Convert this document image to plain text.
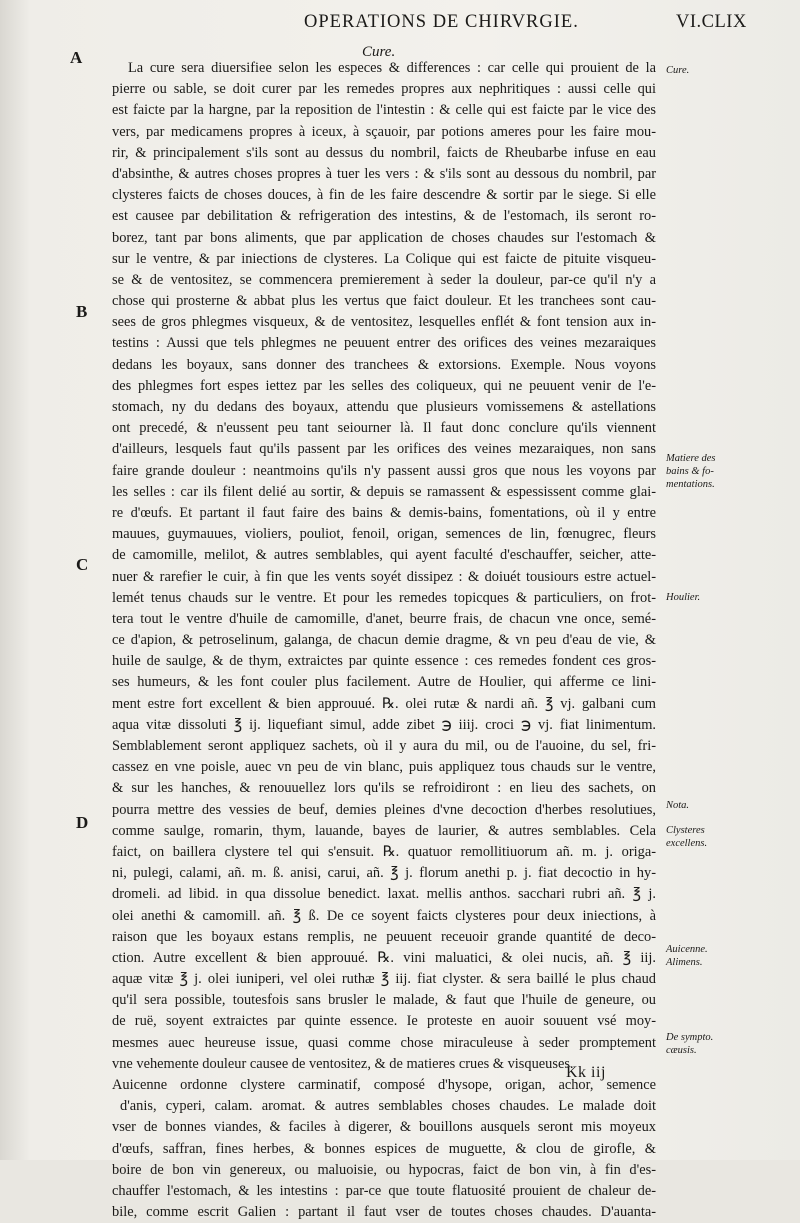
OPERATIONS DE CHIRVRGIE.	VI.CLIX
A
B
C
D
Cure.
La cure sera diuersifiee selon les especes & differences : car celle qui prouient de la
pierre ou sable, se doit curer par les remedes propres aux nephritiques : aussi celle qui
est faicte par la hargne, par la reposition de l'intestin : & celle qui est faicte par le vice des
vers, par medicamens propres à iceux, à sçauoir, par potions ameres pour les faire mou-
rir, & principalement s'ils sont au dessus du nombril, faicts de Rheubarbe infuse en eau
d'absinthe, & autres choses propres à tuer les vers : & s'ils sont au dessous du nombril, par
clysteres faicts de choses douces, à fin de les faire descendre & sortir par le siege. Si elle
est causee par debilitation & refrigeration des intestins, & de l'estomach, ils seront ro-
borez, tant par bons aliments, que par application de choses chaudes sur l'estomach &
sur le ventre, & par iniections de clysteres. La Colique qui est faicte de pituite visqueu-
se & de ventositez, se commencera premierement à seder la douleur, par-ce qu'il n'y a
chose qui prosterne & abbat plus les vertus que faict douleur. Et les tranchees sont cau-
sees de gros phlegmes visqueux, & de ventositez, lesquelles enflét & font tension aux in-
testins : Aussi que tels phlegmes ne peuuent entrer des orifices des veines mezaraiques
dedans les boyaux, sans donner des tranchees & extorsions. Exemple. Nous voyons
des phlegmes fort espes iettez par les selles des coliqueux, qui ne peuuent venir de l'e-
stomach, ny du dedans des boyaux, attendu que plusieurs vomissemens & astellations
ont precedé, & n'eussent peu tant seiourner là. Il faut donc conclure qu'ils viennent
d'ailleurs, lesquels faut qu'ils passent par les orifices des veines mezaraiques, non sans
faire grande douleur : neantmoins qu'ils n'y passent aussi gros que nous les voyons par
les selles : car ils filent delié au sortir, & depuis se ramassent & espessissent comme glai-
re d'œufs. Et partant il faut faire des bains & demis-bains, fomentations, où il y entre
mauues, guymauues, violiers, pouliot, fenoil, origan, semences de lin, fœnugrec, fleurs
de camomille, melilot, & autres semblables, qui ayent faculté d'eschauffer, seicher, atte-
nuer & rarefier le cuir, à fin que les vents soyét dissipez : & doiuét tousiours estre actuel-
lemét tenus chauds sur le ventre. Et pour les remedes topicques & particuliers, on frot-
tera tout le ventre d'huile de camomille, d'anet, beurre frais, de chacun vne once, semé-
ce d'apion, & petroselinum, galanga, de chacun demie dragme, & vn peu d'eau de vie, &
huile de saulge, & de thym, extraictes par quinte essence : ces remedes fondent ces gros-
ses humeurs, & les font couler plus facilement. Autre de Houlier, qui afferme ce lini-
ment estre fort excellent & bien approuué. ℞. olei rutæ & nardi añ. ℥ vj. galbani cum
aqua vitæ dissoluti ℥ ij. liquefiant simul, adde zibet ℈ iiij. croci ℈ vj. fiat linimentum.
Semblablement seront appliquez sachets, où il y aura du mil, ou de l'auoine, du sel, fri-
cassez en vne poisle, auec vn peu de vin blanc, puis appliquez tous chauds sur le ventre,
& sur les hanches, & renouuellez lors qu'ils se refroidiront : en lieu des sachets, on
pourra mettre des vessies de beuf, demies pleines d'vne decoction d'herbes resolutiues,
comme saulge, romarin, thym, lauande, bayes de laurier, & autres semblables. Cela
faict, on baillera clystere tel qui s'ensuit. ℞. quatuor remollitiuorum añ. m. j. origa-
ni, pulegi, calami, añ. m. ß. anisi, carui, añ. ℥ j. florum anethi p. j. fiat decoctio in hy-
dromeli. ad libid. in qua dissolue benedict. laxat. mellis anthos. sacchari rubri añ. ℥ j.
olei anethi & camomill. añ. ℥ ß. De ce soyent faicts clysteres pour deux iniections, à
raison que les boyaux estans remplis, ne peuuent receuoir grande quantité de deco-
ction. Autre excellent & bien approuué. ℞. vini maluatici, & olei nucis, añ. ℥ iij.
aquæ vitæ ℥ j. olei iuniperi, vel olei ruthæ ℥ iij. fiat clyster. & sera baillé le plus chaud
qu'il sera possible, toutesfois sans brusler le malade, & faut que l'huile de geneure, ou
de ruë, soyent extraictes par quinte essence. Ie proteste en auoir souuent vsé moy-
mesmes auec heureuse issue, quasi comme chose miraculeuse à seder promptement
vne vehemente douleur causee de ventositez, & de matieres crues & visqueuses.
Auicenne ordonne clystere carminatif, composé d'hysope, origan, achor, semence
d'anis, cyperi, calam. aromat. & autres semblables choses chaudes. Le malade doit
vser de bonnes viandes, & faciles à digerer, & bouillons ausquels seront mis moyeux
d'œufs, saffran, fines herbes, & bonnes espices de muguette, & clou de girofle, &
boire de bon vin genereux, ou maluoisie, ou hypocras, faict de bon vin, à fin d'es-
chauffer l'estomach, & les intestins : par-ce que toute flatuosité prouient de chaleur de-
bile, comme escrit Galien : partant il faut vser de toutes choses chaudes. D'auanta-
Cure.
Matiere des
bains & fo-
mentations.
Houlier.
Nota.
Clysteres
excellens.
Auicenne.
Alimens.
De sympto.
cæusis.
Kk iij
